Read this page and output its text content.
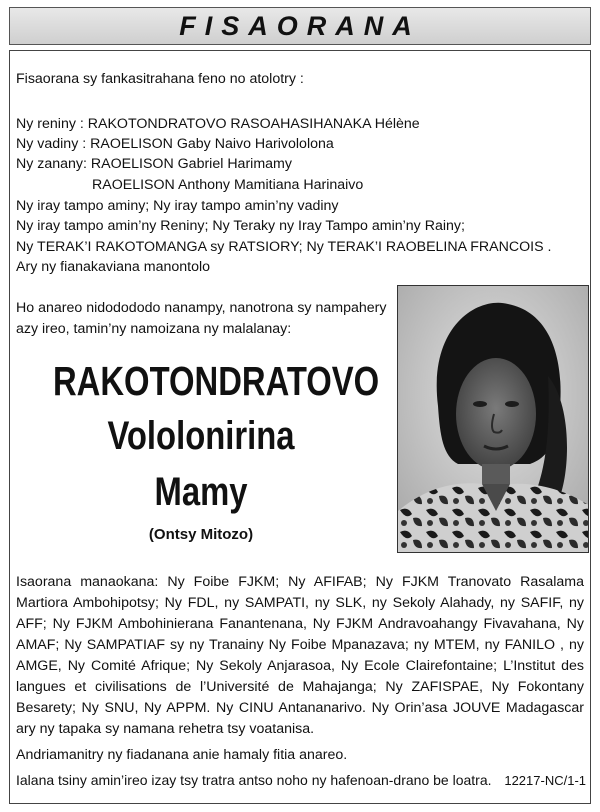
FISAORANA
Fisaorana sy fankasitrahana feno no atolotry :
Ny reniny : RAKOTONDRATOVO RASOAHASIHANAKA Hélène
Ny vadiny : RAOELISON Gaby Naivo Harivololona
Ny zanany: RAOELISON Gabriel Harimamy
RAOELISON Anthony Mamitiana Harinaivo
Ny iray tampo aminy; Ny iray tampo amin’ny vadiny
Ny iray tampo amin’ny Reniny; Ny Teraky ny Iray Tampo amin’ny Rainy;
Ny TERAK’I RAKOTOMANGA sy RATSIORY; Ny TERAK’I RAOBELINA FRANCOIS .
Ary ny fianakaviana manontolo
Ho anareo nidodododo nanampy, nanotrona sy nampahery
azy ireo, tamin’ny namoizana ny malalanay:
RAKOTONDRATOVO
Vololonirina
Mamy
(Ontsy Mitozo)
Isaorana manaokana: Ny Foibe FJKM; Ny AFIFAB; Ny FJKM Tranovato Rasalama Martiora Ambohipotsy; Ny FDL, ny SAMPATI, ny SLK, ny Sekoly Alahady, ny SAFIF, ny AFF; Ny FJKM Ambohinierana Fanantenana, Ny FJKM Andravoahangy Fivavahana, Ny AMAF; Ny SAMPATIAF sy ny Tranainy Ny Foibe Mpanazava; ny MTEM, ny FANILO , ny AMGE, Ny Comité Afrique; Ny Sekoly Anjarasoa, Ny Ecole Clairefontaine; L’Institut des langues et civilisations de l’Université de Mahajanga; Ny ZAFISPAE, Ny Fokontany Besarety; Ny SNU, Ny APPM. Ny CINU Antananarivo. Ny Orin’asa JOUVE Madagascar ary ny tapaka sy namana rehetra tsy voatanisa.
Andriamanitry ny fiadanana anie hamaly fitia anareo.
Ialana tsiny amin’ireo izay tsy tratra antso noho ny hafenoan-drano be loatra. 12217-NC/1-1
